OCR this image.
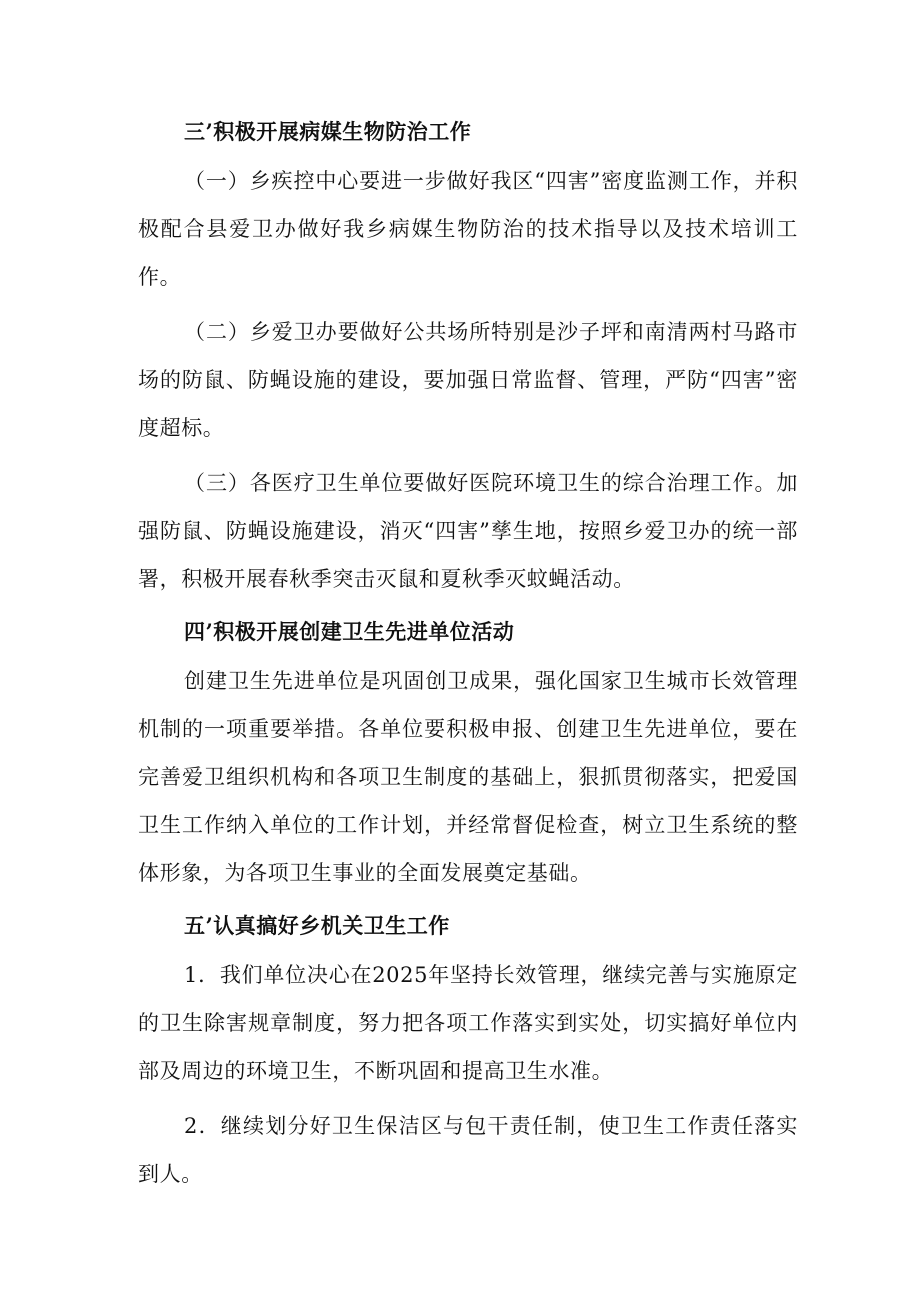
三’积极开展病媒生物防治工作

（一）乡疾控中心要进一步做好我区“四害”密度监测工作，并积极配合县爱卫办做好我乡病媒生物防治的技术指导以及技术培训工作。

（二）乡爱卫办要做好公共场所特别是沙子坪和南清两村马路市场的防鼠、防蝇设施的建设，要加强日常监督、管理，严防“四害”密度超标。

（三）各医疗卫生单位要做好医院环境卫生的综合治理工作。加强防鼠、防蝇设施建设，消灭“四害”孳生地，按照乡爱卫办的统一部署，积极开展春秋季突击灭鼠和夏秋季灭蚊蝇活动。

四’积极开展创建卫生先进单位活动

创建卫生先进单位是巩固创卫成果，强化国家卫生城市长效管理机制的一项重要举措。各单位要积极申报、创建卫生先进单位，要在完善爱卫组织机构和各项卫生制度的基础上，狠抓贯彻落实，把爱国卫生工作纳入单位的工作计划，并经常督促检查，树立卫生系统的整体形象，为各项卫生事业的全面发展奠定基础。

五’认真搞好乡机关卫生工作

1．我们单位决心在2025年坚持长效管理，继续完善与实施原定的卫生除害规章制度，努力把各项工作落实到实处，切实搞好单位内部及周边的环境卫生，不断巩固和提高卫生水准。

2．继续划分好卫生保洁区与包干责任制，使卫生工作责任落实到人。
